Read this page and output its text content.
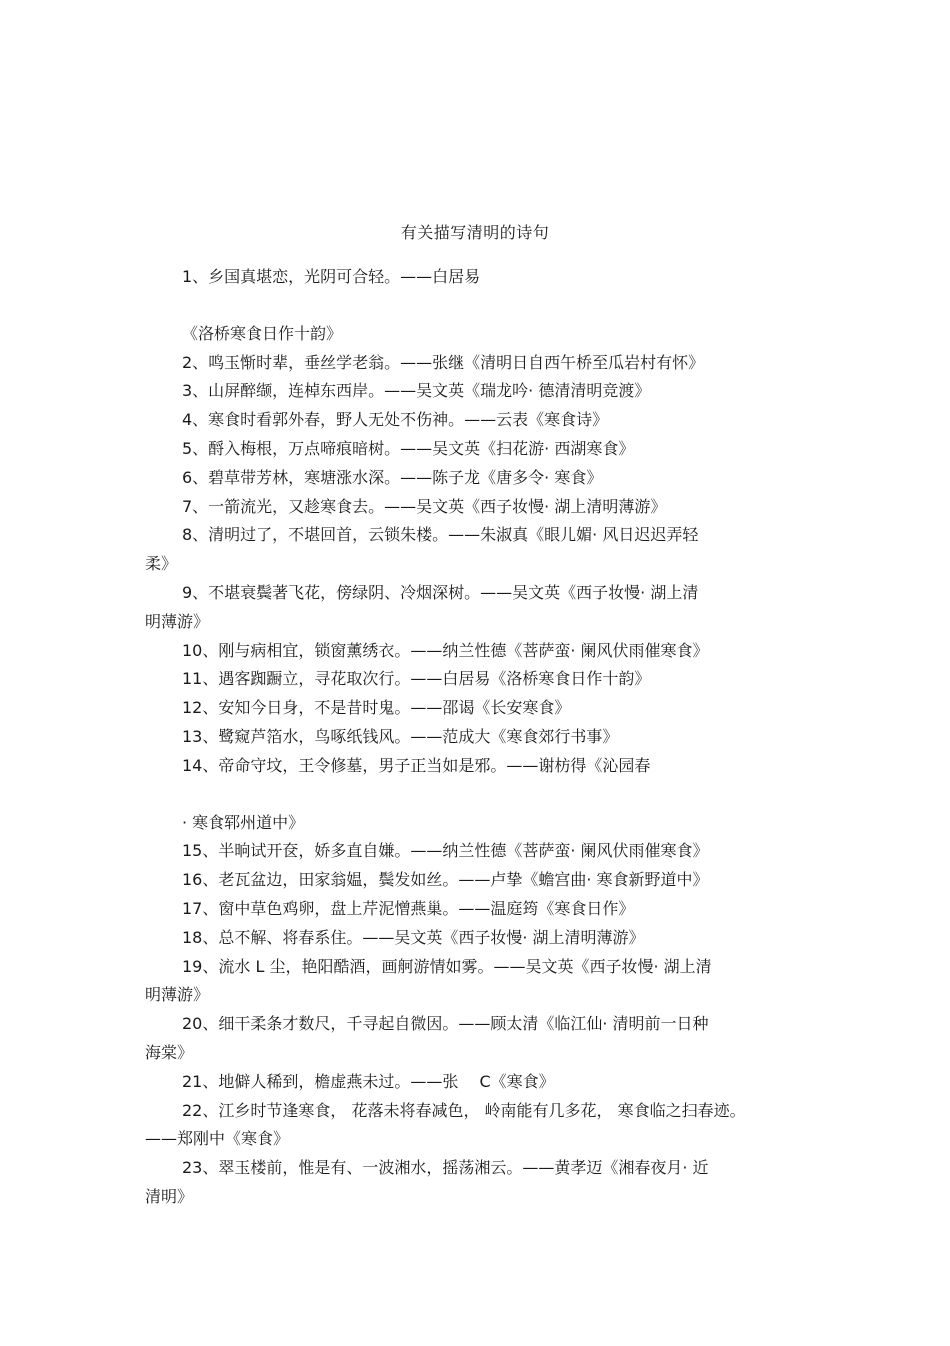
有关描写清明的诗句
1、乡国真堪恋，光阴可合轻。——白居易
《洛桥寒食日作十韵》
2、鸣玉惭时辈，垂丝学老翁。——张继《清明日自西午桥至瓜岩村有怀》
3、山屏醉缬，连棹东西岸。——吴文英《瑞龙吟· 德清清明竞渡》
4、寒食时看郭外春，野人无处不伤神。——云表《寒食诗》
5、酹入梅根，万点啼痕暗树。——吴文英《扫花游· 西湖寒食》
6、碧草带芳林，寒塘涨水深。——陈子龙《唐多令· 寒食》
7、一箭流光，又趁寒食去。——吴文英《西子妆慢· 湖上清明薄游》
8、清明过了，不堪回首，云锁朱楼。——朱淑真《眼儿媚· 风日迟迟弄轻
柔》
9、不堪衰鬓著飞花，傍绿阴、冷烟深树。——吴文英《西子妆慢· 湖上清
明薄游》
10、刚与病相宜，锁窗薰绣衣。——纳兰性德《菩萨蛮· 阑风伏雨催寒食》
11、遇客踟蹰立，寻花取次行。——白居易《洛桥寒食日作十韵》
12、安知今日身，不是昔时鬼。——邵谒《长安寒食》
13、鹭窥芦箔水，鸟啄纸钱风。——范成大《寒食郊行书事》
14、帝命守坟，王令修墓，男子正当如是邪。——谢枋得《沁园春
· 寒食郓州道中》
15、半晌试开奁，娇多直自嫌。——纳兰性德《菩萨蛮· 阑风伏雨催寒食》
16、老瓦盆边，田家翁媪，鬓发如丝。——卢挚《蟾宫曲· 寒食新野道中》
17、窗中草色鸡卵，盘上芹泥憎燕巢。——温庭筠《寒食日作》
18、总不解、将春系住。——吴文英《西子妆慢· 湖上清明薄游》
19、流水 L 尘，艳阳酷酒，画舸游情如雾。——吴文英《西子妆慢· 湖上清
明薄游》
20、细干柔条才数尺，千寻起自微因。——顾太清《临江仙· 清明前一日种
海棠》
21、地僻人稀到，檐虚燕未过。——张 　C《寒食》
22、江乡时节逢寒食， 花落未将春减色， 岭南能有几多花， 寒食临之扫春迹。
——郑刚中《寒食》
23、翠玉楼前，惟是有、一波湘水，摇荡湘云。——黄孝迈《湘春夜月· 近
清明》
